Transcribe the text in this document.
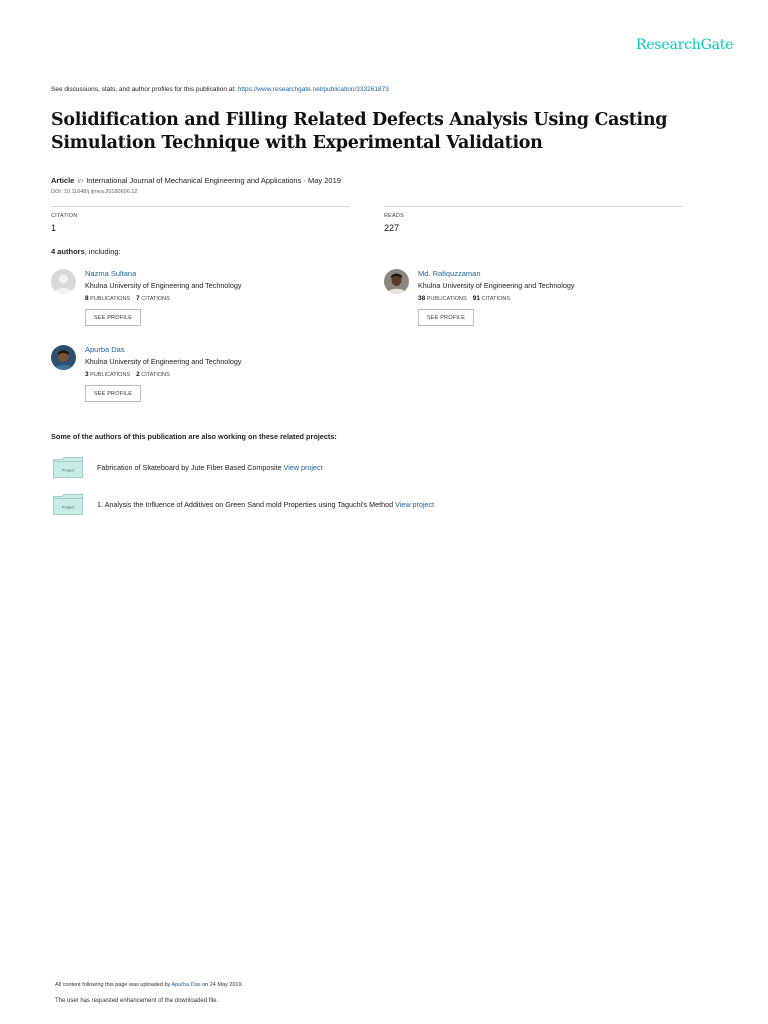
ResearchGate
See discussions, stats, and author profiles for this publication at: https://www.researchgate.net/publication/333261873
Solidification and Filling Related Defects Analysis Using Casting Simulation Technique with Experimental Validation
Article in International Journal of Mechanical Engineering and Applications · May 2019
DOI: 10.11648/j.ijmea.20180606.12
CITATION
1
READS
227
4 authors, including:
Nazma Sultana
Khulna University of Engineering and Technology
8 PUBLICATIONS 7 CITATIONS
SEE PROFILE
Md. Rafiquzzaman
Khulna University of Engineering and Technology
38 PUBLICATIONS 91 CITATIONS
SEE PROFILE
Apurba Das
Khulna University of Engineering and Technology
3 PUBLICATIONS 2 CITATIONS
SEE PROFILE
Some of the authors of this publication are also working on these related projects:
Project	Fabrication of Skateboard by Jute Fiber Based Composite View project
Project	1. Analysis the Influence of Additives on Green Sand mold Properties using Taguchi's Method View project
All content following this page was uploaded by Apurba Das on 24 May 2019.
The user has requested enhancement of the downloaded file.
